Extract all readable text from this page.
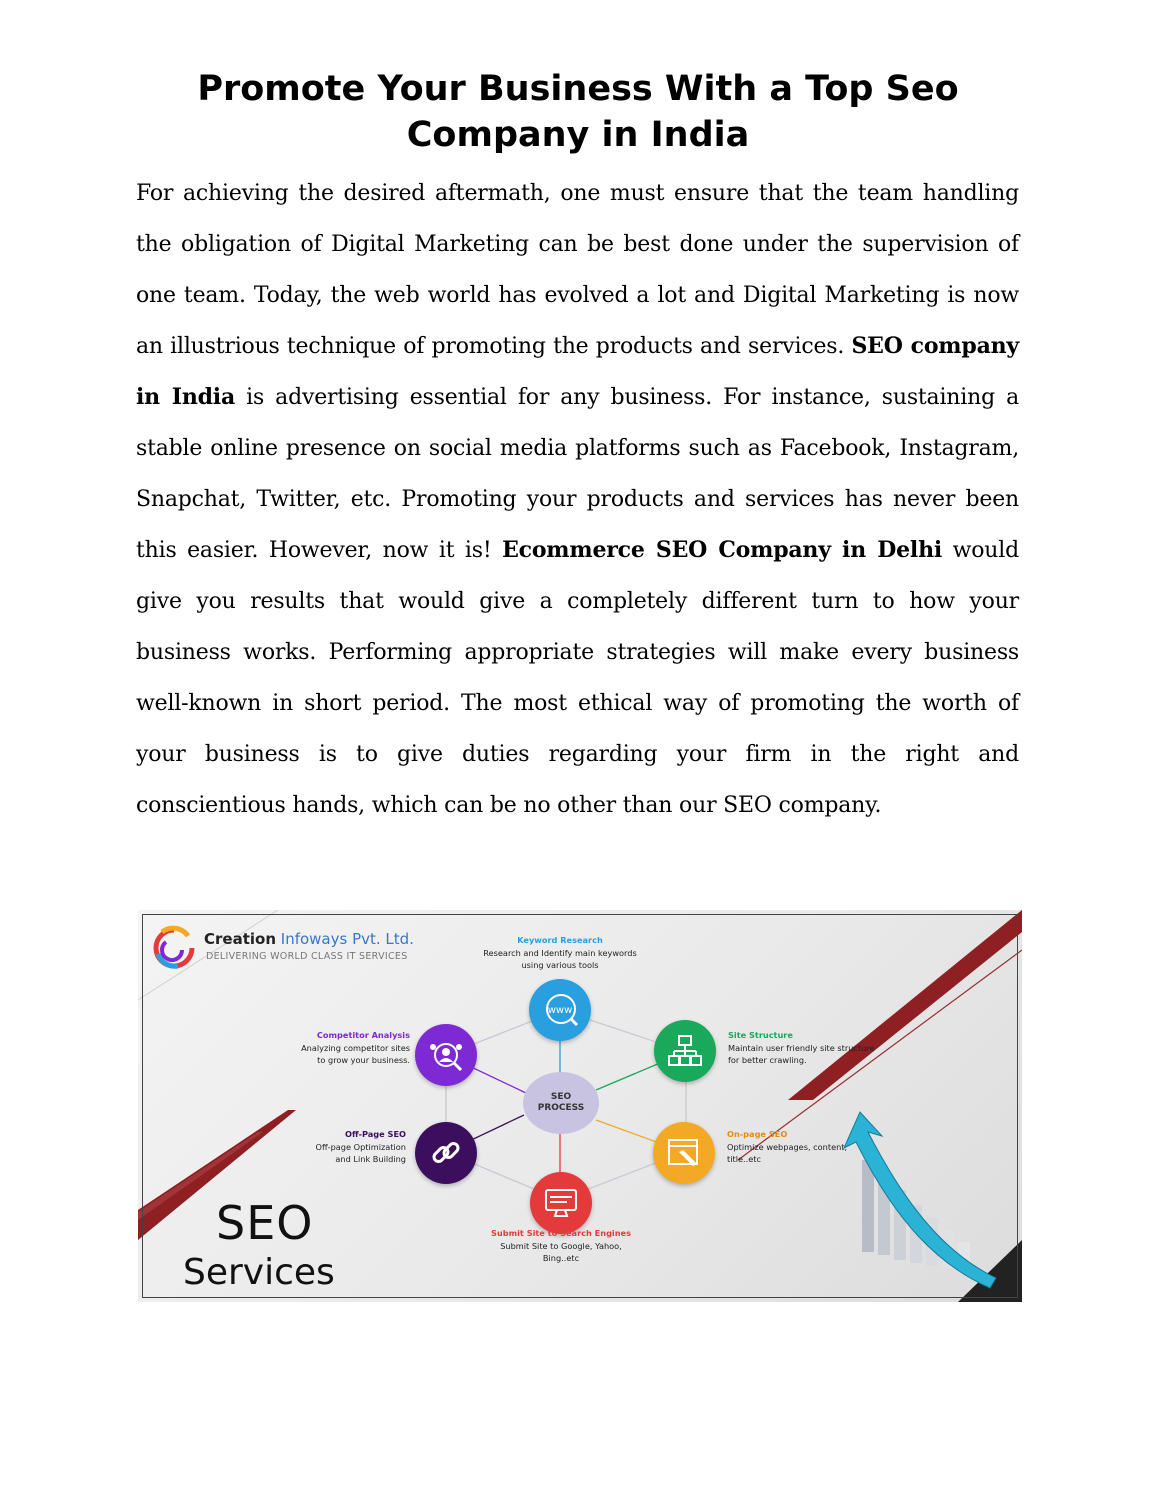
Promote Your Business With a Top Seo
Company in India

For achieving the desired aftermath, one must ensure that the team handling the obligation of Digital Marketing can be best done under the supervision of one team. Today, the web world has evolved a lot and Digital Marketing is now an illustrious technique of promoting the products and services. SEO company in India is advertising essential for any business. For instance, sustaining a stable online presence on social media platforms such as Facebook, Instagram, Snapchat, Twitter, etc. Promoting your products and services has never been this easier. However, now it is! Ecommerce SEO Company in Delhi would give you results that would give a completely different turn to how your business works. Performing appropriate strategies will make every business well-known in short period. The most ethical way of promoting the worth of your business is to give duties regarding your firm in the right and conscientious hands, which can be no other than our SEO company.

Creation Infoways Pvt. Ltd.
DELIVERING WORLD CLASS IT SERVICES
www
SEO
PROCESS
Keyword Research
Research and Identify main keywords
using various tools
Site Structure
Maintain user friendly site structure
for better crawling.
On-page SEO
Optimize webpages, content,
title..etc
Submit Site to Search Engines
Submit Site to Google, Yahoo,
Bing..etc
Off-Page SEO
Off-page Optimization
and Link Building
Competitor Analysis
Analyzing competitor sites
to grow your business.
SEO
Services
